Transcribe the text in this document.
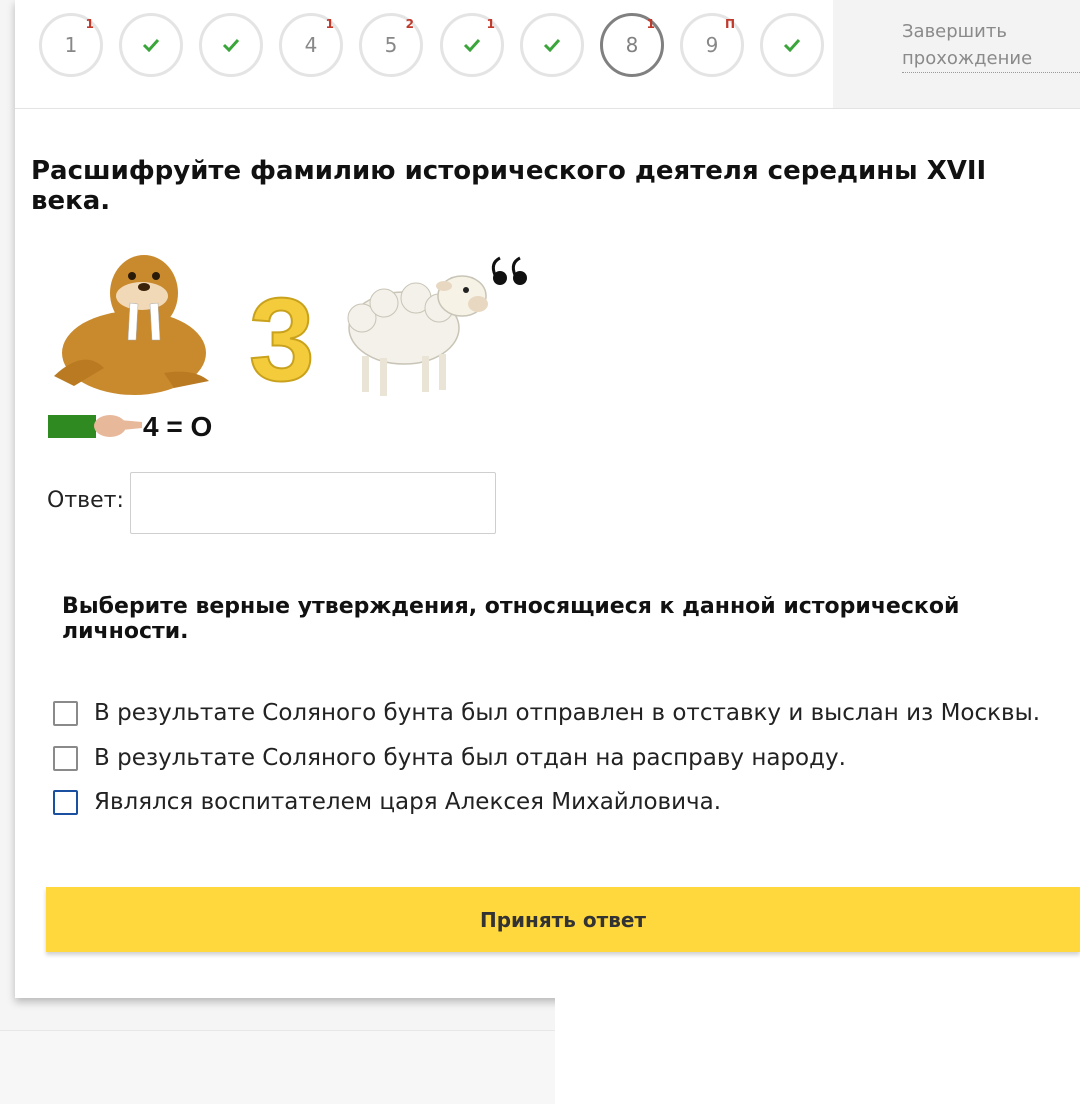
Завершить прохождение
1
1
4
1
5
2	1
8
1
9
П
Расшифруйте фамилию исторического деятеля середины XVII века.
3
4 = О
Ответ:
Выберите верные утверждения, относящиеся к данной исторической личности.
В результате Соляного бунта был отправлен в отставку и выслан из Москвы.
В результате Соляного бунта был отдан на расправу народу.
Являлся воспитателем царя Алексея Михайловича.
Принять ответ
